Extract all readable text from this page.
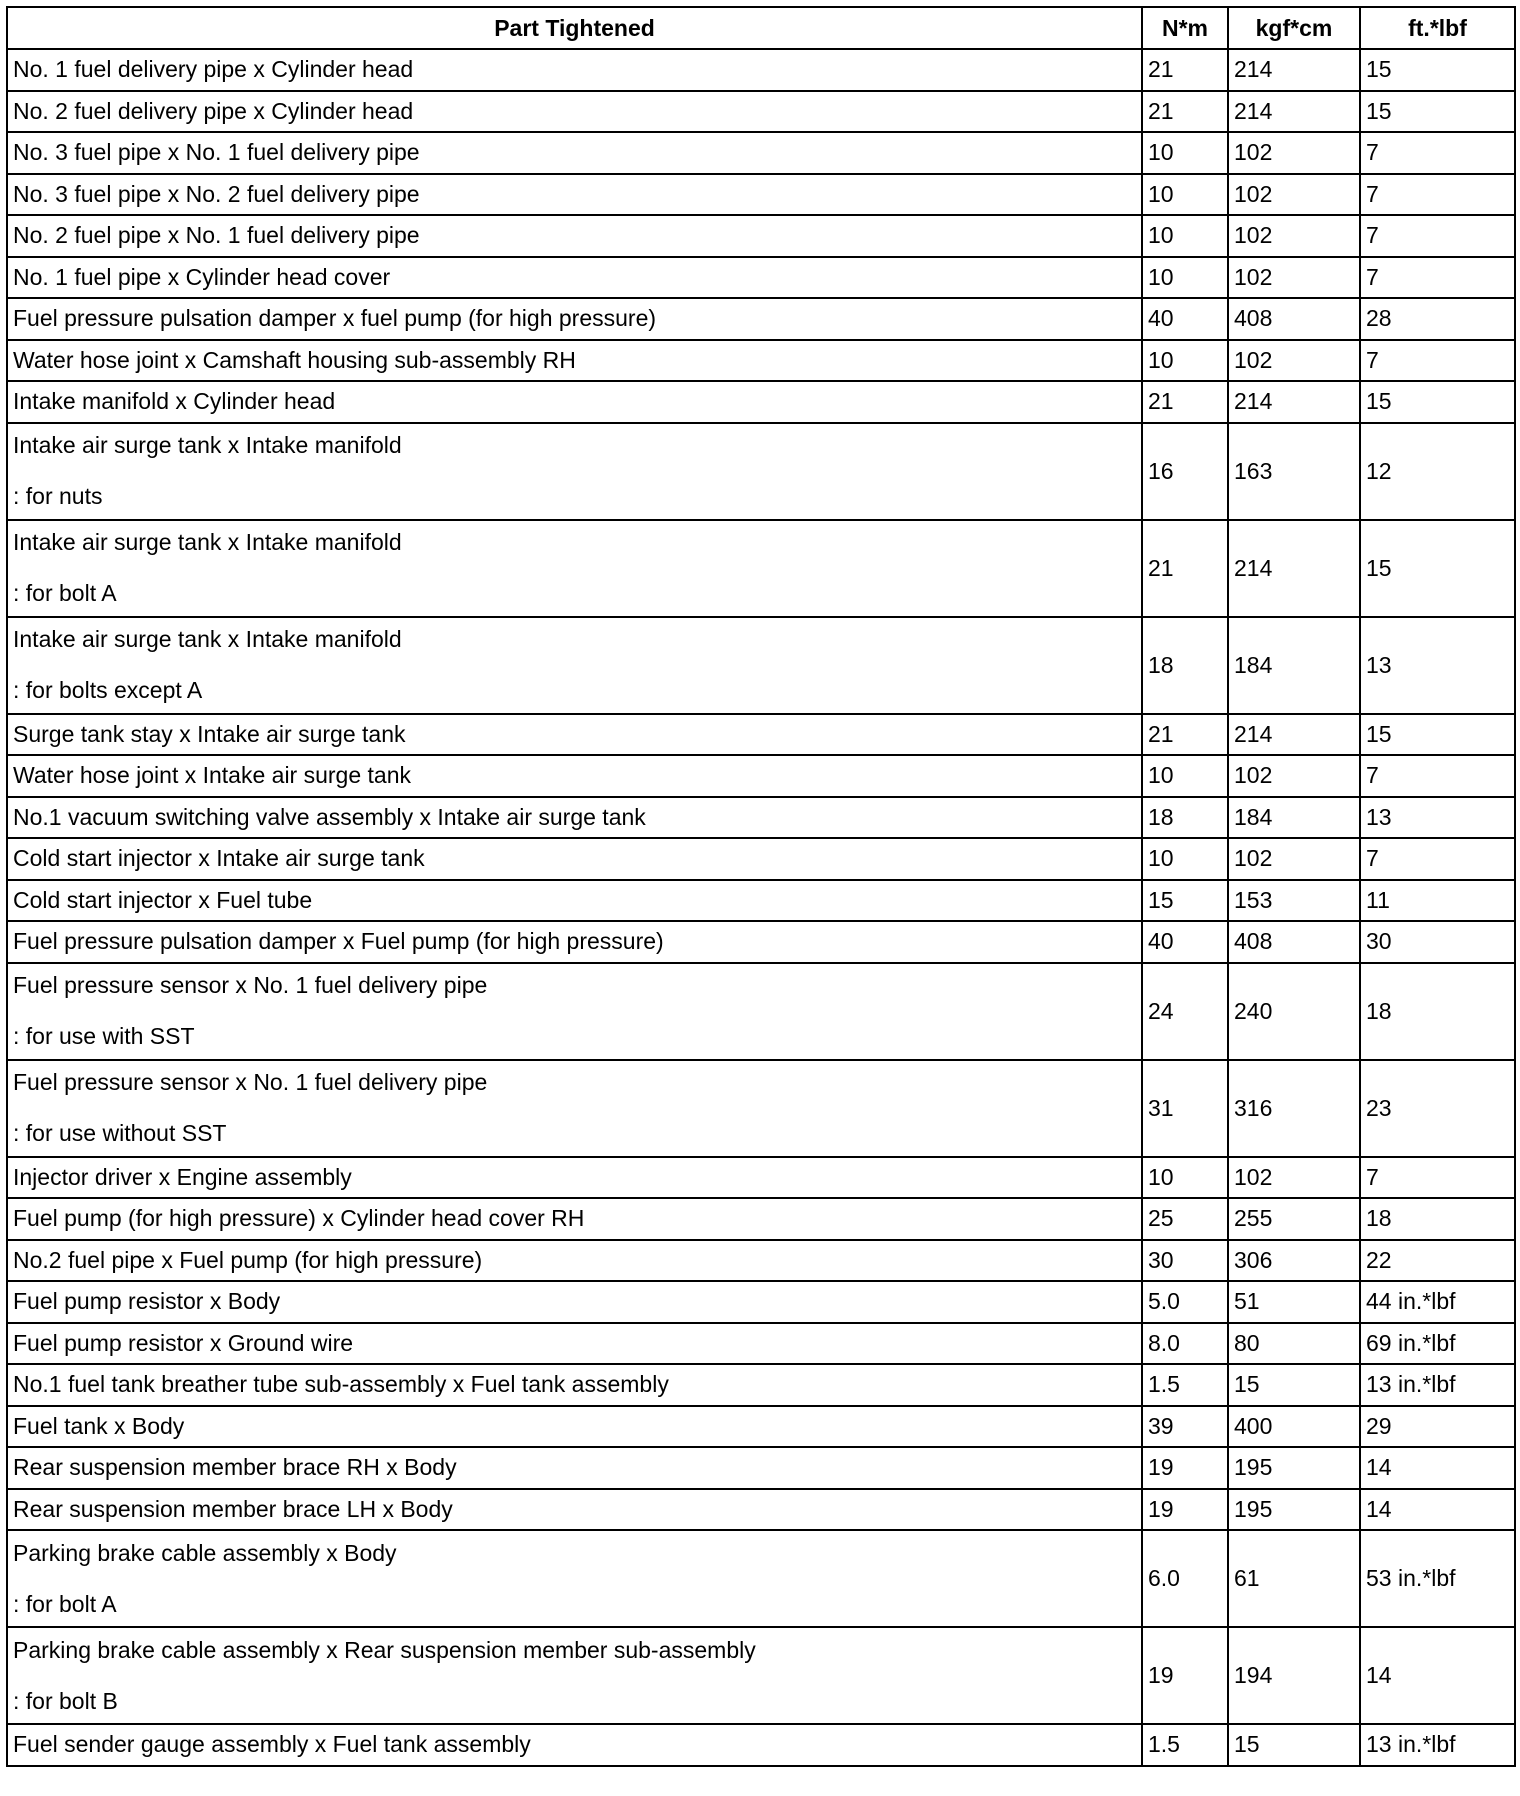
Part Tightened	N*m	kgf*cm	ft.*lbf

No. 1 fuel delivery pipe x Cylinder head	21	214	15

No. 2 fuel delivery pipe x Cylinder head	21	214	15

No. 3 fuel pipe x No. 1 fuel delivery pipe	10	102	7

No. 3 fuel pipe x No. 2 fuel delivery pipe	10	102	7

No. 2 fuel pipe x No. 1 fuel delivery pipe	10	102	7

No. 1 fuel pipe x Cylinder head cover	10	102	7

Fuel pressure pulsation damper x fuel pump (for high pressure)	40	408	28

Water hose joint x Camshaft housing sub-assembly RH	10	102	7

Intake manifold x Cylinder head	21	214	15

Intake air surge tank x Intake manifold
: for nuts	16	163	12

Intake air surge tank x Intake manifold
: for bolt A	21	214	15

Intake air surge tank x Intake manifold
: for bolts except A	18	184	13

Surge tank stay x Intake air surge tank	21	214	15

Water hose joint x Intake air surge tank	10	102	7

No.1 vacuum switching valve assembly x Intake air surge tank	18	184	13

Cold start injector x Intake air surge tank	10	102	7

Cold start injector x Fuel tube	15	153	11

Fuel pressure pulsation damper x Fuel pump (for high pressure)	40	408	30

Fuel pressure sensor x No. 1 fuel delivery pipe
: for use with SST	24	240	18

Fuel pressure sensor x No. 1 fuel delivery pipe
: for use without SST	31	316	23

Injector driver x Engine assembly	10	102	7

Fuel pump (for high pressure) x Cylinder head cover RH	25	255	18

No.2 fuel pipe x Fuel pump (for high pressure)	30	306	22

Fuel pump resistor x Body	5.0	51	44 in.*lbf

Fuel pump resistor x Ground wire	8.0	80	69 in.*lbf

No.1 fuel tank breather tube sub-assembly x Fuel tank assembly	1.5	15	13 in.*lbf

Fuel tank x Body	39	400	29

Rear suspension member brace RH x Body	19	195	14

Rear suspension member brace LH x Body	19	195	14

Parking brake cable assembly x Body
: for bolt A	6.0	61	53 in.*lbf

Parking brake cable assembly x Rear suspension member sub-assembly
: for bolt B	19	194	14

Fuel sender gauge assembly x Fuel tank assembly	1.5	15	13 in.*lbf
